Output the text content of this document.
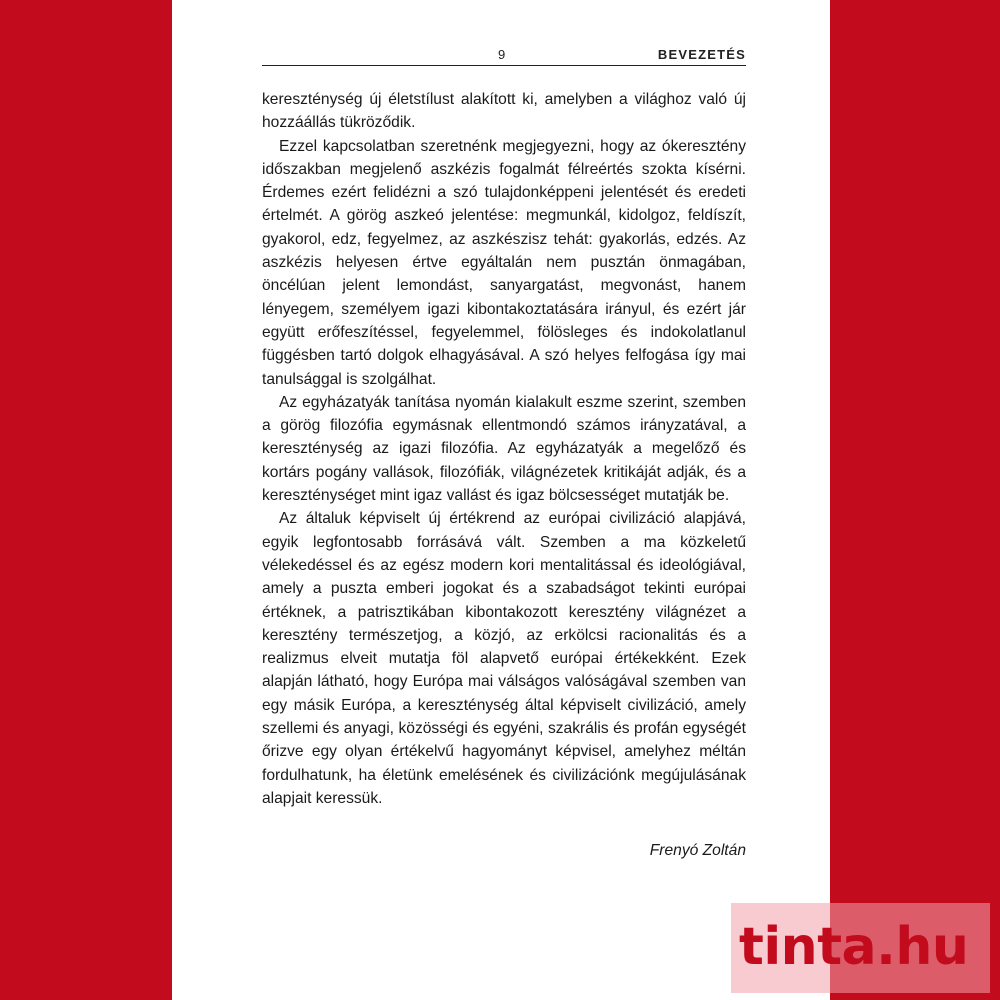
9	BEVEZETÉS

kereszténység új életstílust alakított ki, amelyben a világhoz való új hozzáállás tükröződik.

Ezzel kapcsolatban szeretnénk megjegyezni, hogy az ókeresztény időszakban megjelenő aszkézis fogalmát félreértés szokta kísérni. Érdemes ezért felidézni a szó tulajdonképpeni jelentését és eredeti értelmét. A görög aszkeó jelentése: megmunkál, kidolgoz, feldíszít, gyakorol, edz, fegyelmez, az aszkészisz tehát: gyakorlás, edzés. Az aszkézis helyesen értve egyáltalán nem pusztán önmagában, öncélúan jelent lemondást, sanyargatást, megvonást, hanem lényegem, személyem igazi kibontakoztatására irányul, és ezért jár együtt erőfeszítéssel, fegyelemmel, fölösleges és indokolatlanul függésben tartó dolgok elhagyásával. A szó helyes felfogása így mai tanulsággal is szolgálhat.

Az egyházatyák tanítása nyomán kialakult eszme szerint, szemben a görög filozófia egymásnak ellentmondó számos irányzatával, a kereszténység az igazi filozófia. Az egyházatyák a megelőző és kortárs pogány vallások, filozófiák, világnézetek kritikáját adják, és a kereszténységet mint igaz vallást és igaz bölcsességet mutatják be.

Az általuk képviselt új értékrend az európai civilizáció alapjává, egyik legfontosabb forrásává vált. Szemben a ma közkeletű vélekedéssel és az egész modern kori mentalitással és ideológiával, amely a puszta emberi jogokat és a szabadságot tekinti európai értéknek, a patrisztikában kibontakozott keresztény világnézet a keresztény természetjog, a közjó, az erkölcsi racionalitás és a realizmus elveit mutatja föl alapvető európai értékekként. Ezek alapján látható, hogy Európa mai válságos valóságával szemben van egy másik Európa, a kereszténység által képviselt civilizáció, amely szellemi és anyagi, közösségi és egyéni, szakrális és profán egységét őrizve egy olyan értékelvű hagyományt képvisel, amelyhez méltán fordulhatunk, ha életünk emelésének és civilizációnk megújulásának alapjait keressük.

Frenyó Zoltán
tinta.hu
